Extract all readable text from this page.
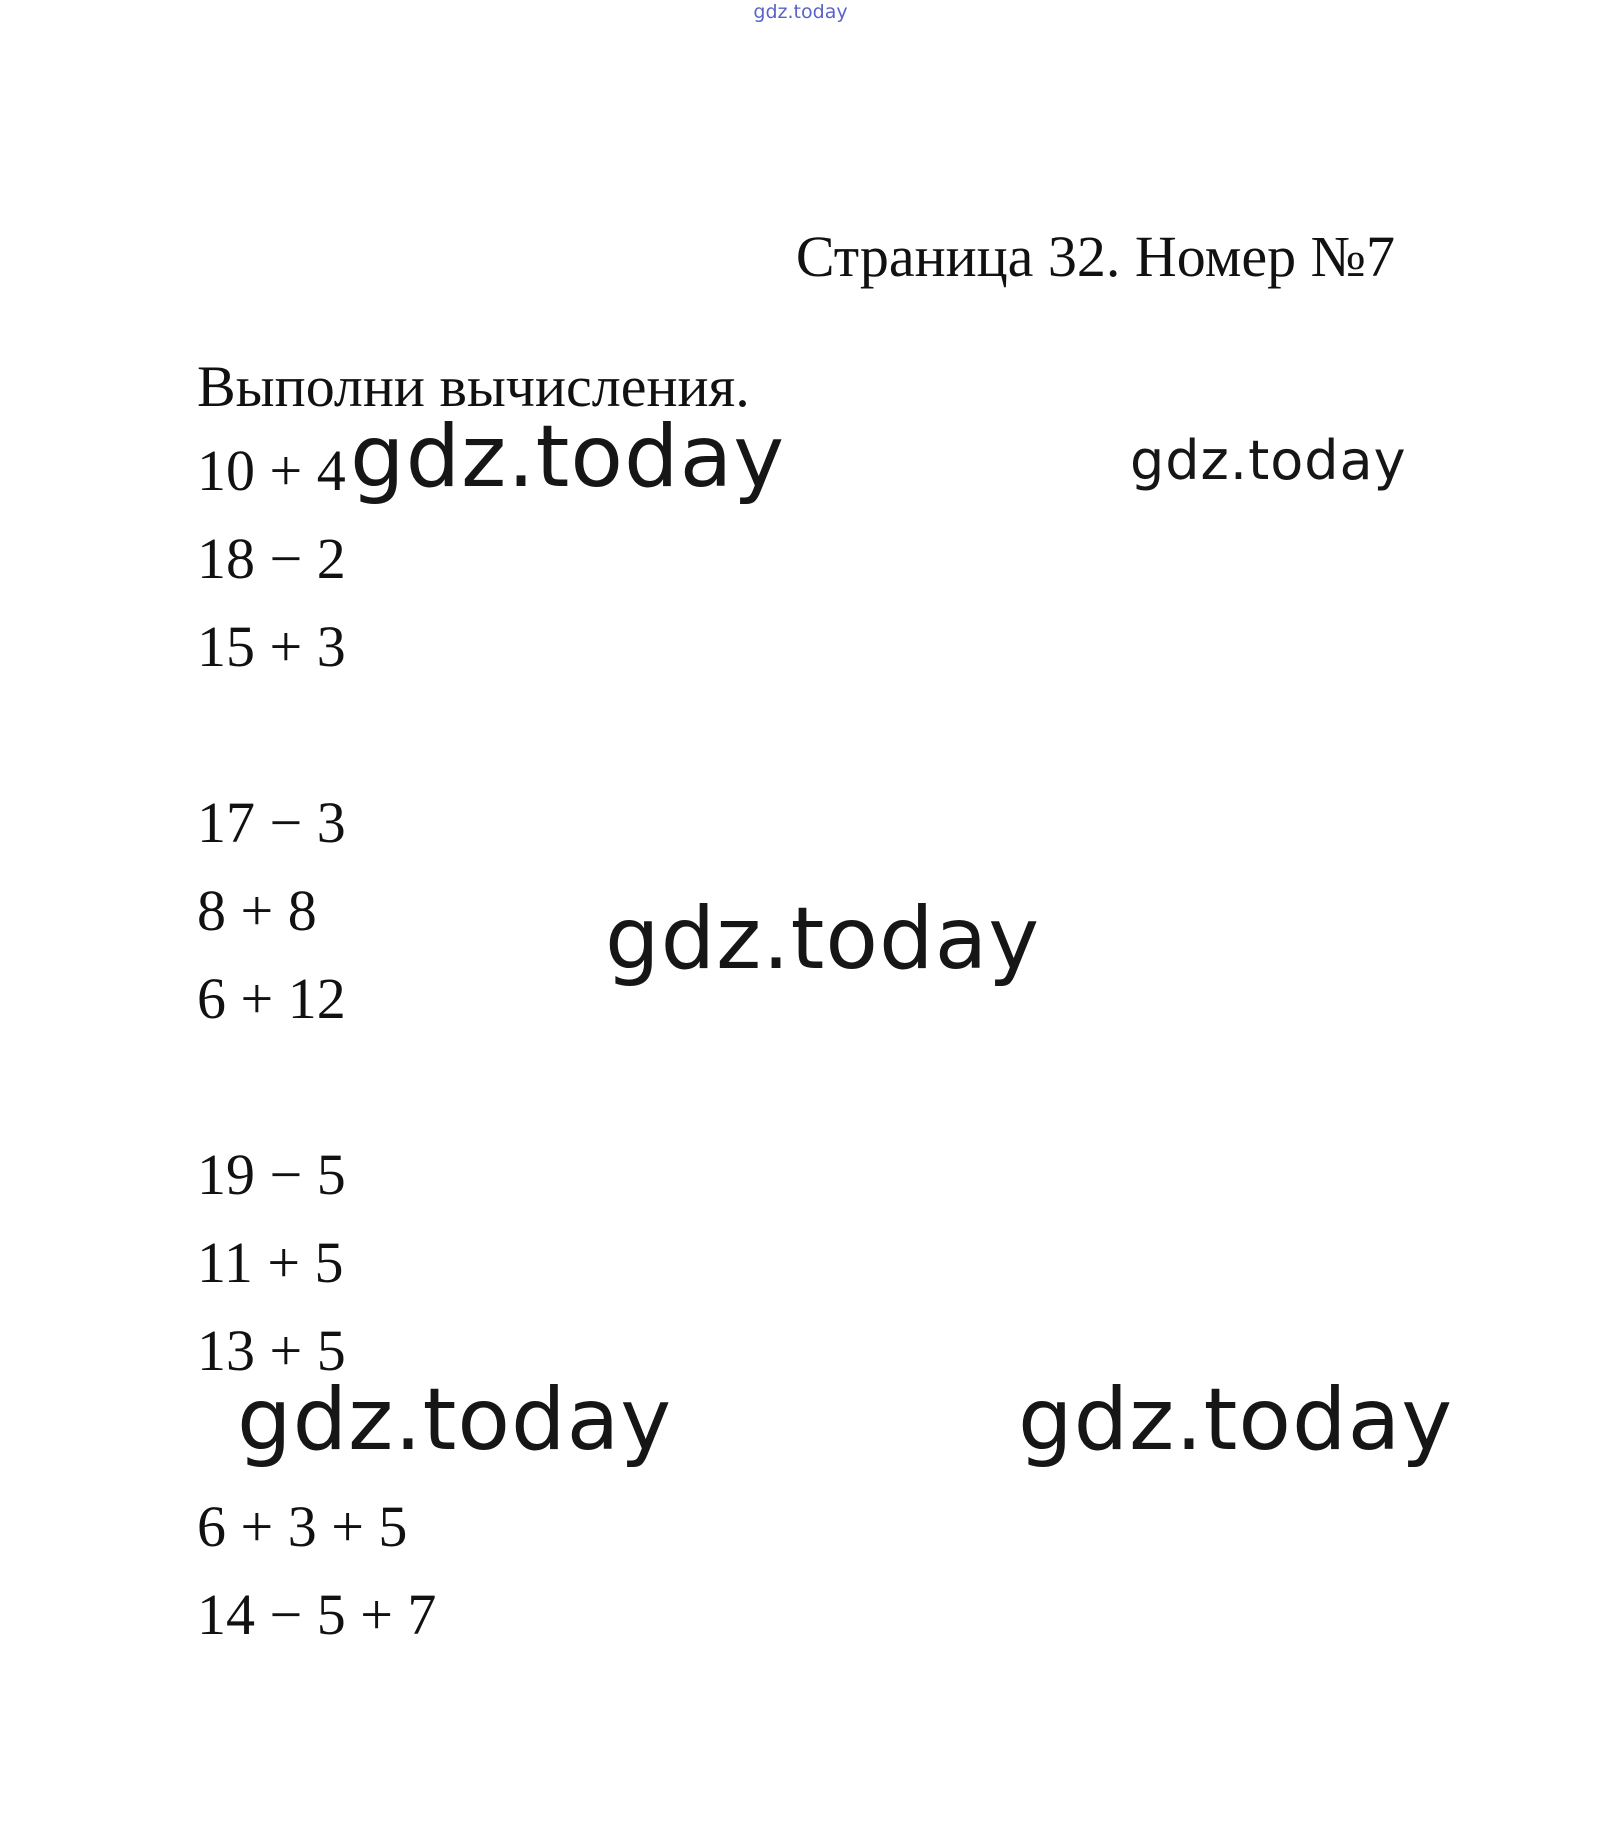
gdz.today
Страница 32. Номер №7
Выполни вычисления.
10 + 4
18 − 2
15 + 3
17 − 3
8 + 8
6 + 12
19 − 5
11 + 5
13 + 5
6 + 3 + 5
14 − 5 + 7
gdz.today	gdz.today
gdz.today
gdz.today	gdz.today
